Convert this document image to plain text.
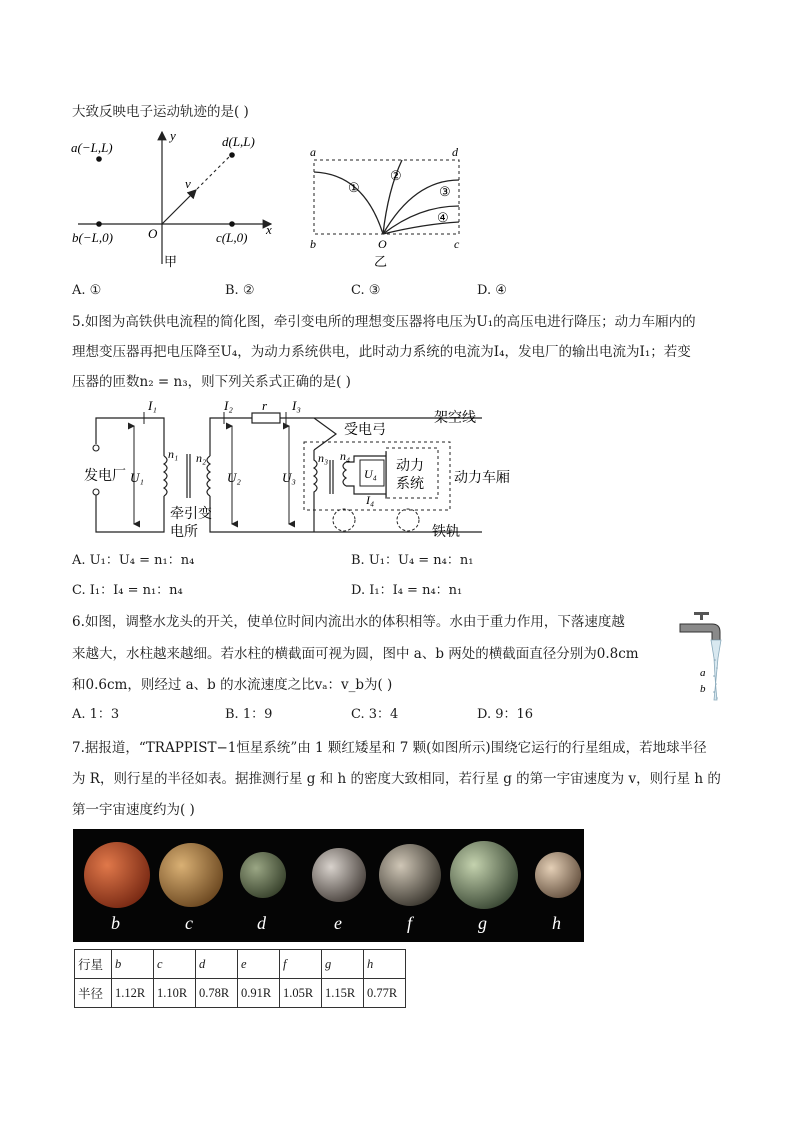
大致反映电子运动轨迹的是( )
a(−L,L)
b(−L,0)	c(L,0)
d(L,L)
O	x
y
v
甲
a	d
b	c
O
①
②
③
④
乙
A. ①	B. ②	C. ③	D. ④
5.如图为高铁供电流程的简化图，牵引变电所的理想变压器将电压为U₁的高压电进行降压；动力车厢内的
理想变压器再把电压降至U₄，为动力系统供电，此时动力系统的电流为I₄，发电厂的输出电流为I₁；若变
压器的匝数n₂ = n₃，则下列关系式正确的是( )
发电厂
I₁	I₂	I₃
r
U₁	U₂	U₃	U₄
n₁ n₂	n₃ n₄
I₄
牵引变
电所
受电弓
架空线
动力
系统 动力车厢
铁轨
A. U₁：U₄ = n₁：n₄	B. U₁：U₄ = n₄：n₁
C. I₁：I₄ = n₁：n₄	D. I₁：I₄ = n₄：n₁
6.如图，调整水龙头的开关，使单位时间内流出水的体积相等。水由于重力作用，下落速度越
来越大，水柱越来越细。若水柱的横截面可视为圆，图中 a、b 两处的横截面直径分别为0.8cm
和0.6cm，则经过 a、b 的水流速度之比vₐ：v_b为( )
a
b
A. 1：3	B. 1：9	C. 3：4	D. 9：16
7.据报道，“TRAPPIST−1恒星系统”由 1 颗红矮星和 7 颗(如图所示)围绕它运行的行星组成，若地球半径
为 R，则行星的半径如表。据推测行星 g 和 h 的密度大致相同，若行星 g 的第一宇宙速度为 v，则行星 h 的
第一宇宙速度约为( )
b	c	d	e	f	g	h
行星	b	c	d	e	f	g	h
半径	1.12R	1.10R	0.78R	0.91R	1.05R	1.15R	0.77R
